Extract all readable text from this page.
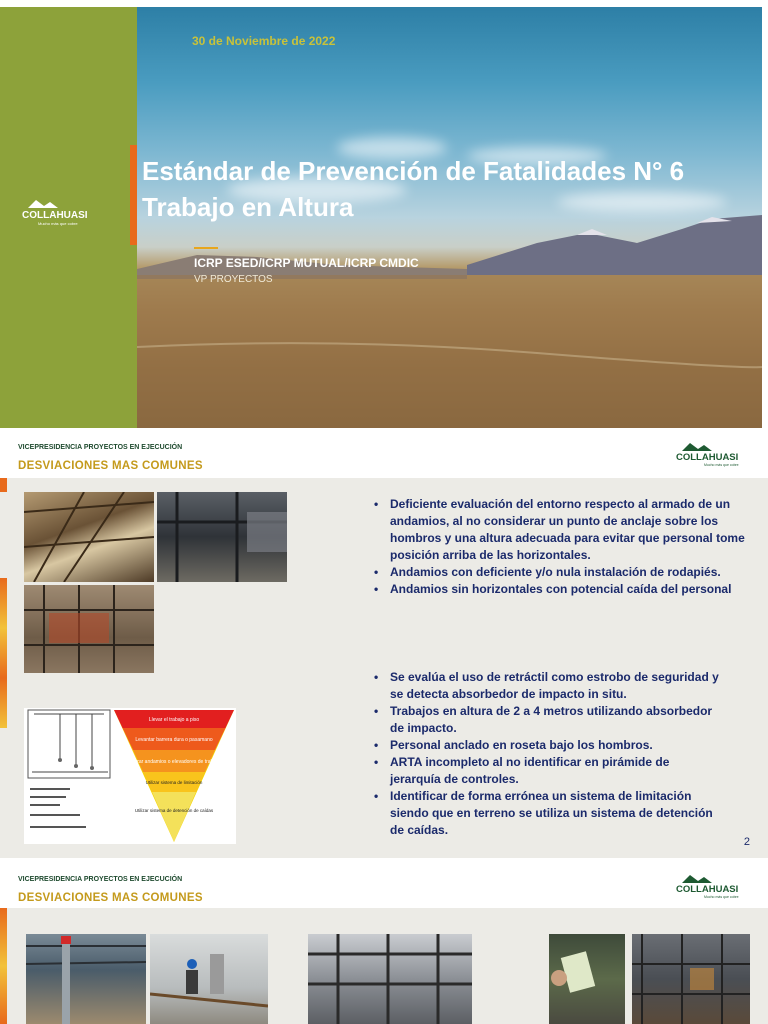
COLLAHUASI
Mucho más que cobre
30 de Noviembre de 2022
Estándar de Prevención de Fatalidades N° 6
Trabajo en Altura
ICRP ESED/ICRP MUTUAL/ICRP CMDIC
VP PROYECTOS
VICEPRESIDENCIA PROYECTOS EN EJECUCIÓN
DESVIACIONES MAS COMUNES
COLLAHUASI
Mucho más que cobre
Llevar el trabajo a piso
Levantar barrera dura o pasamano
Utilizar andamios o elevadores de trabajo
Utilizar sistema de limitación
Utilizar sistema de detención de caídas
• Deficiente evaluación del entorno respecto al armado de un andamios, al no considerar un punto de anclaje sobre los hombros y una altura adecuada para evitar que personal tome posición arriba de las horizontales.
• Andamios con deficiente y/o nula instalación de rodapiés.
• Andamios sin horizontales con potencial caída del personal
• Se evalúa el uso de retráctil como estrobo de seguridad y se detecta absorbedor de impacto in situ.
• Trabajos en altura de 2 a 4 metros utilizando absorbedor de impacto.
• Personal anclado en roseta bajo los hombros.
• ARTA incompleto al no identificar en pirámide de jerarquía de controles.
• Identificar de forma errónea un sistema de limitación siendo que en terreno se utiliza un sistema de detención de caídas.
2
VICEPRESIDENCIA PROYECTOS EN EJECUCIÓN
DESVIACIONES MAS COMUNES
COLLAHUASI
Mucho más que cobre
